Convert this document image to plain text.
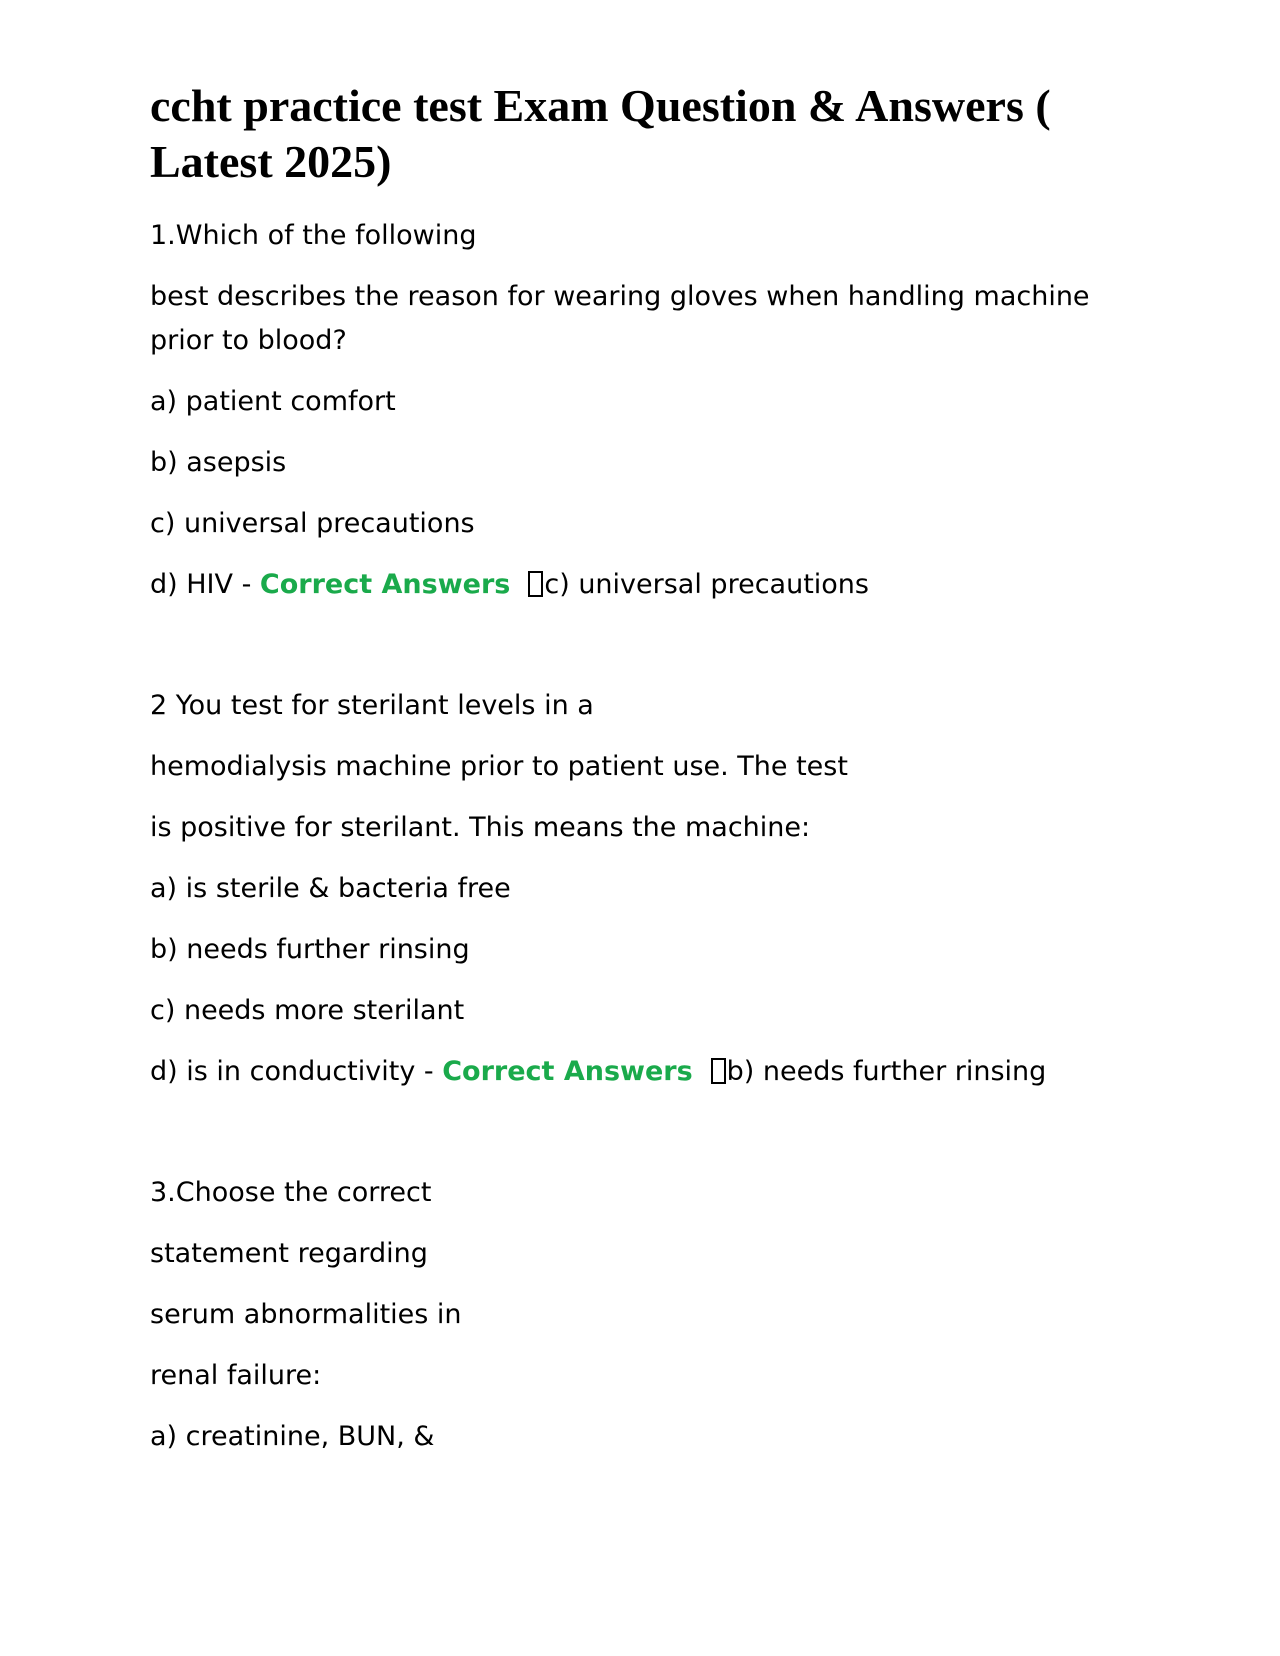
ccht practice test Exam Question & Answers ( Latest 2025)

1.Which of the following

best describes the reason for wearing gloves when handling machine prior to blood?

a) patient comfort

b) asepsis

c) universal precautions

d) HIV - Correct Answers c) universal precautions

2 You test for sterilant levels in a

hemodialysis machine prior to patient use. The test

is positive for sterilant. This means the machine:

a) is sterile & bacteria free

b) needs further rinsing

c) needs more sterilant

d) is in conductivity - Correct Answers b) needs further rinsing

3.Choose the correct

statement regarding

serum abnormalities in

renal failure:

a) creatinine, BUN, &
